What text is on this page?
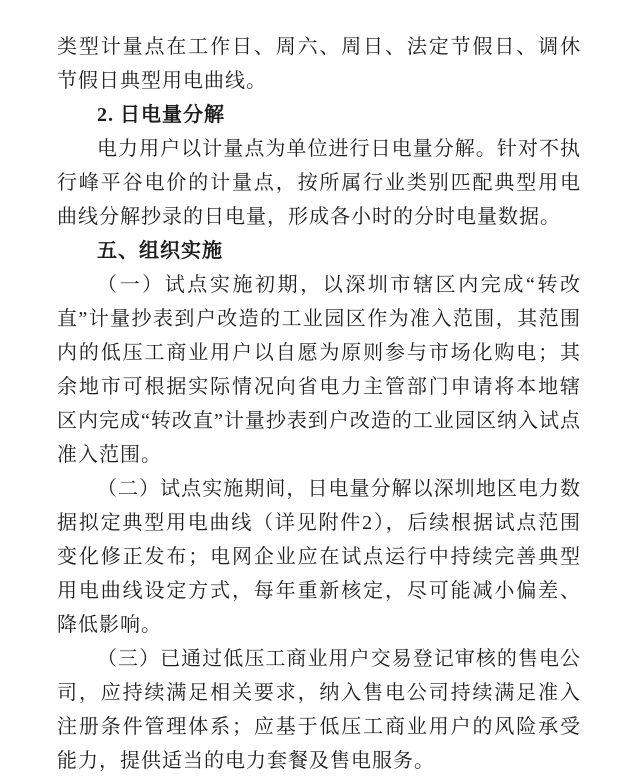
类型计量点在工作日、周六、周日、法定节假日、调休节假日典型用电曲线。

2. 日电量分解

电力用户以计量点为单位进行日电量分解。针对不执行峰平谷电价的计量点，按所属行业类别匹配典型用电曲线分解抄录的日电量，形成各小时的分时电量数据。

五、组织实施

（一）试点实施初期，以深圳市辖区内完成“转改直”计量抄表到户改造的工业园区作为准入范围，其范围内的低压工商业用户以自愿为原则参与市场化购电；其余地市可根据实际情况向省电力主管部门申请将本地辖区内完成“转改直”计量抄表到户改造的工业园区纳入试点准入范围。

（二）试点实施期间，日电量分解以深圳地区电力数据拟定典型用电曲线（详见附件2），后续根据试点范围变化修正发布；电网企业应在试点运行中持续完善典型用电曲线设定方式，每年重新核定，尽可能减小偏差、降低影响。

（三）已通过低压工商业用户交易登记审核的售电公司，应持续满足相关要求，纳入售电公司持续满足准入注册条件管理体系；应基于低压工商业用户的风险承受能力，提供适当的电力套餐及售电服务。
